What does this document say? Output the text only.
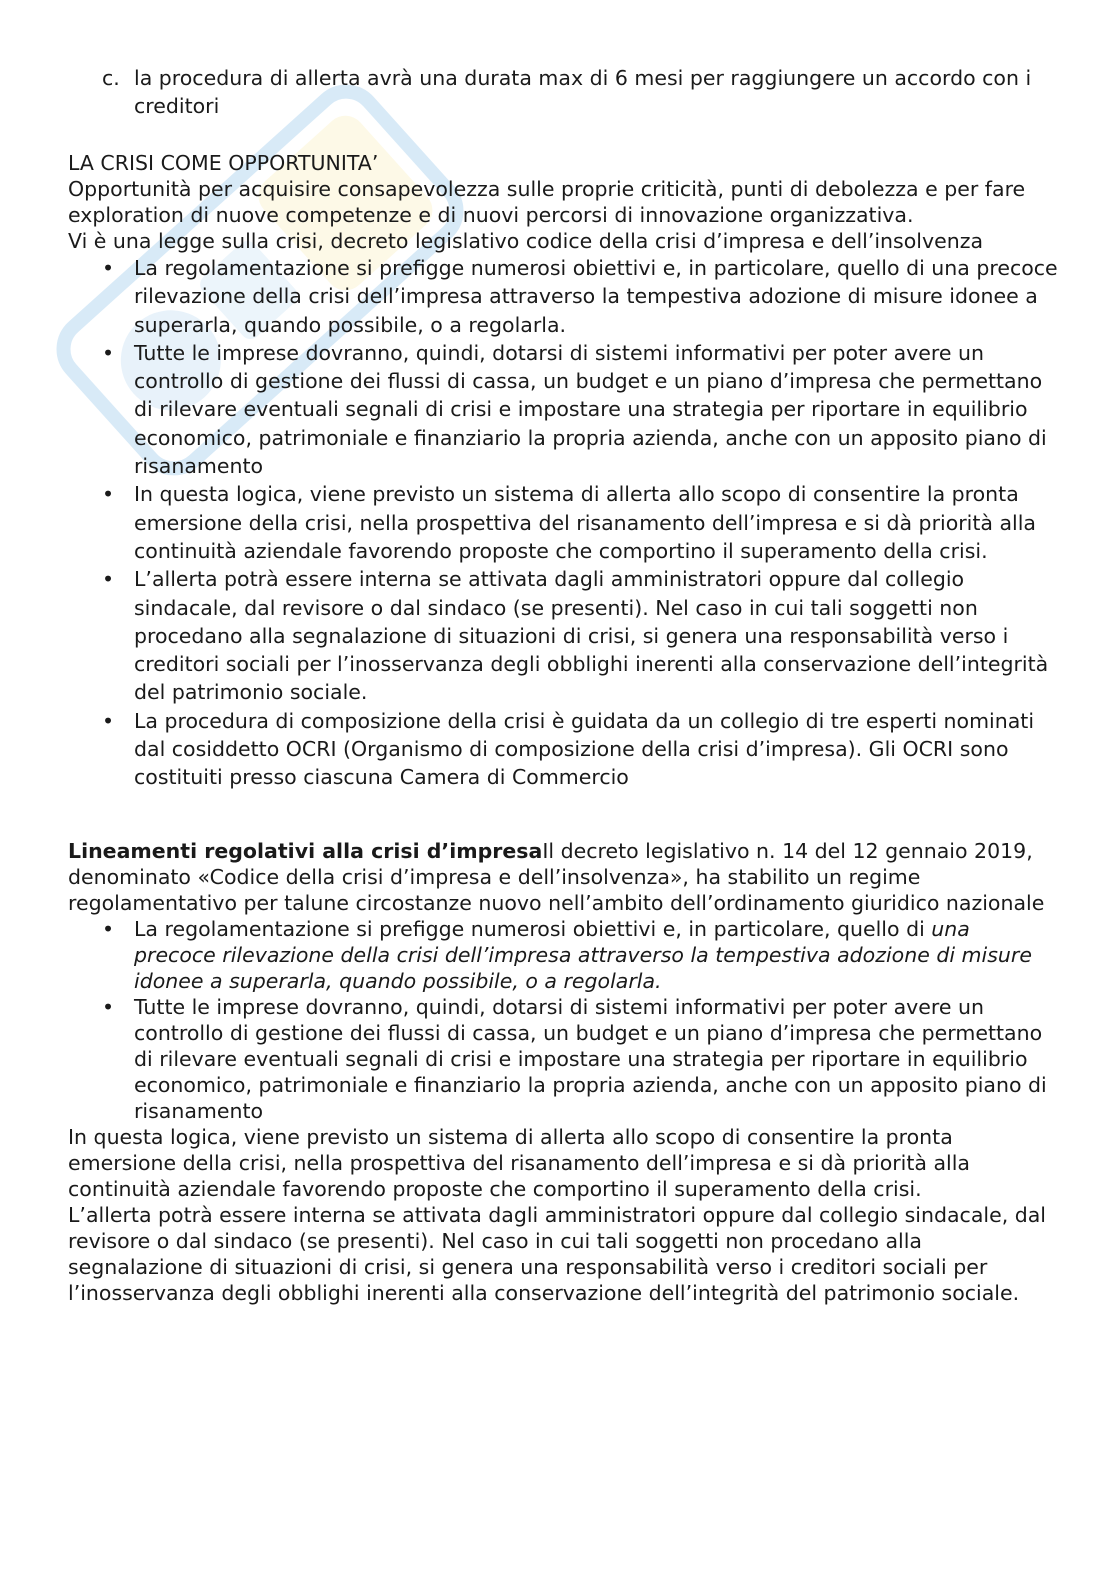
c. la procedura di allerta avrà una durata max di 6 mesi per raggiungere un accordo con i creditori
LA CRISI COME OPPORTUNITA’

Opportunità per acquisire consapevolezza sulle proprie criticità, punti di debolezza e per fare exploration di nuove competenze e di nuovi percorsi di innovazione organizzativa.

Vi è una legge sulla crisi, decreto legislativo codice della crisi d’impresa e dell’insolvenza

• La regolamentazione si prefigge numerosi obiettivi e, in particolare, quello di una precoce rilevazione della crisi dell’impresa attraverso la tempestiva adozione di misure idonee a superarla, quando possibile, o a regolarla.
• Tutte le imprese dovranno, quindi, dotarsi di sistemi informativi per poter avere un controllo di gestione dei flussi di cassa, un budget e un piano d’impresa che permettano di rilevare eventuali segnali di crisi e impostare una strategia per riportare in equilibrio economico, patrimoniale e finanziario la propria azienda, anche con un apposito piano di risanamento
• In questa logica, viene previsto un sistema di allerta allo scopo di consentire la pronta emersione della crisi, nella prospettiva del risanamento dell’impresa e si dà priorità alla continuità aziendale favorendo proposte che comportino il superamento della crisi.
• L’allerta potrà essere interna se attivata dagli amministratori oppure dal collegio sindacale, dal revisore o dal sindaco (se presenti). Nel caso in cui tali soggetti non procedano alla segnalazione di situazioni di crisi, si genera una responsabilità verso i creditori sociali per l’inosservanza degli obblighi inerenti alla conservazione dell’integrità del patrimonio sociale.
• La procedura di composizione della crisi è guidata da un collegio di tre esperti nominati dal cosiddetto OCRI (Organismo di composizione della crisi d’impresa). Gli OCRI sono costituiti presso ciascuna Camera di Commercio

Lineamenti regolativi alla crisi d’impresaIl decreto legislativo n. 14 del 12 gennaio 2019, denominato «Codice della crisi d’impresa e dell’insolvenza», ha stabilito un regime regolamentativo per talune circostanze nuovo nell’ambito dell’ordinamento giuridico nazionale

• La regolamentazione si prefigge numerosi obiettivi e, in particolare, quello di una precoce rilevazione della crisi dell’impresa attraverso la tempestiva adozione di misure idonee a superarla, quando possibile, o a regolarla.
• Tutte le imprese dovranno, quindi, dotarsi di sistemi informativi per poter avere un controllo di gestione dei flussi di cassa, un budget e un piano d’impresa che permettano di rilevare eventuali segnali di crisi e impostare una strategia per riportare in equilibrio economico, patrimoniale e finanziario la propria azienda, anche con un apposito piano di risanamento

In questa logica, viene previsto un sistema di allerta allo scopo di consentire la pronta emersione della crisi, nella prospettiva del risanamento dell’impresa e si dà priorità alla continuità aziendale favorendo proposte che comportino il superamento della crisi.

L’allerta potrà essere interna se attivata dagli amministratori oppure dal collegio sindacale, dal revisore o dal sindaco (se presenti). Nel caso in cui tali soggetti non procedano alla segnalazione di situazioni di crisi, si genera una responsabilità verso i creditori sociali per l’inosservanza degli obblighi inerenti alla conservazione dell’integrità del patrimonio sociale.
